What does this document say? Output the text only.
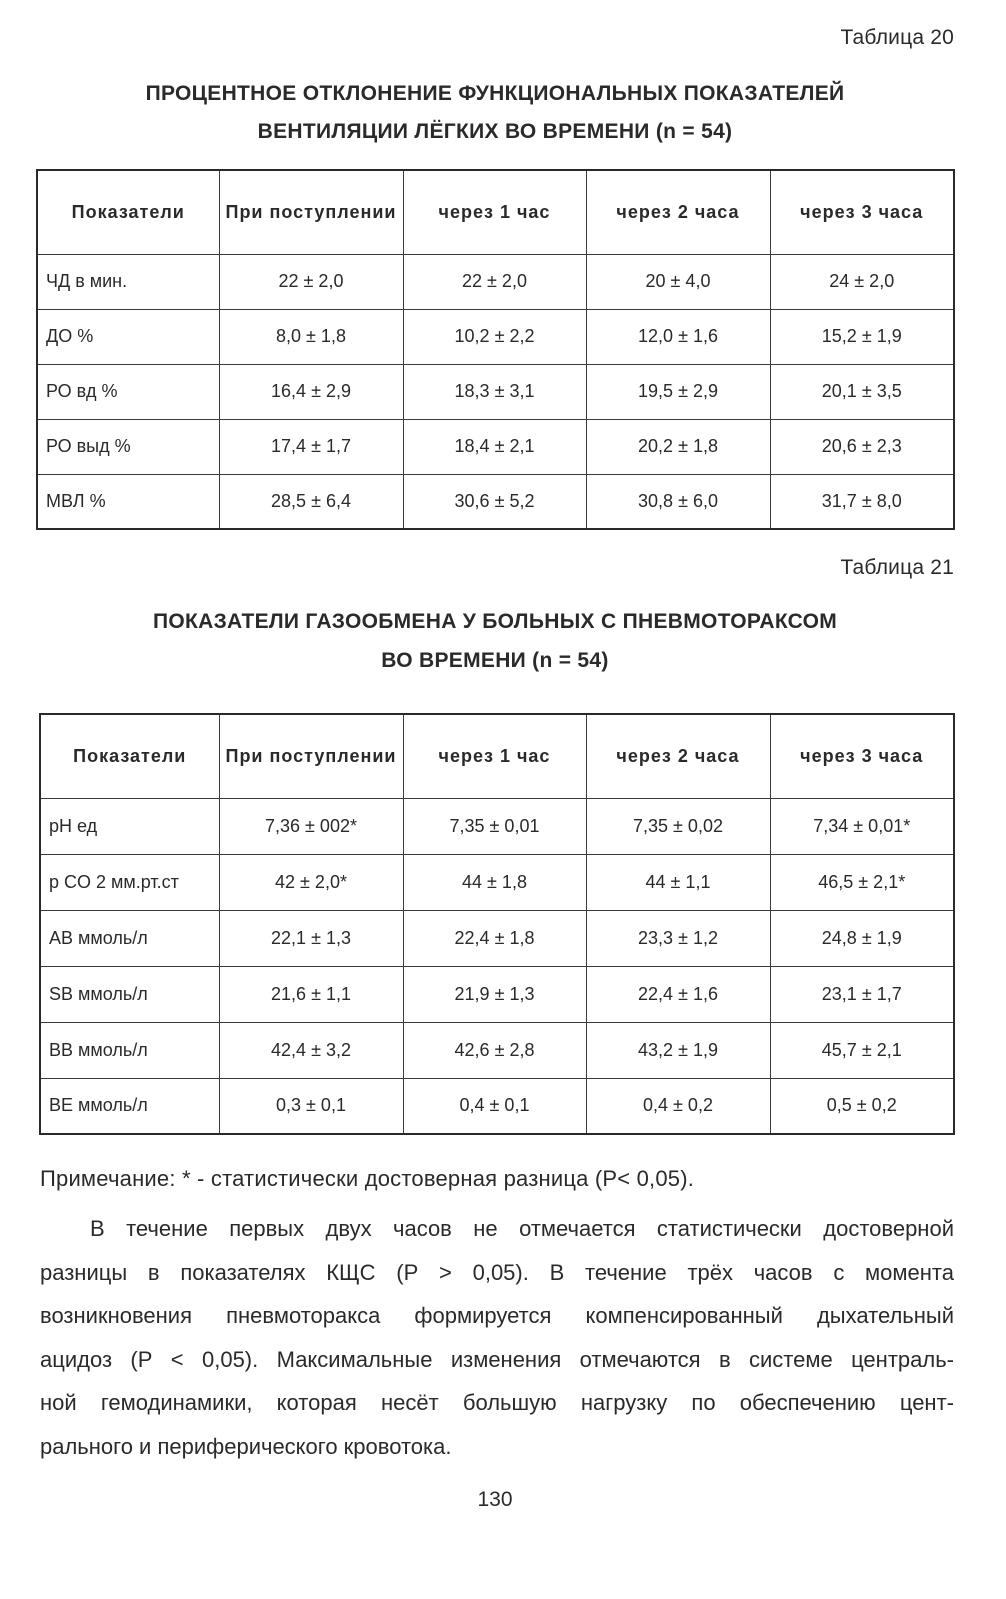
Таблица 20
ПРОЦЕНТНОЕ ОТКЛОНЕНИЕ ФУНКЦИОНАЛЬНЫХ ПОКАЗАТЕЛЕЙ
ВЕНТИЛЯЦИИ ЛЁГКИХ ВО ВРЕМЕНИ (n = 54)
Показатели	При поступлении	через 1 час	через 2 часа	через 3 часа
ЧД в мин.	22 ± 2,0	22 ± 2,0	20 ± 4,0	24 ± 2,0
ДО %	8,0 ± 1,8	10,2 ± 2,2	12,0 ± 1,6	15,2 ± 1,9
РО вд %	16,4 ± 2,9	18,3 ± 3,1	19,5 ± 2,9	20,1 ± 3,5
РО выд %	17,4 ± 1,7	18,4 ± 2,1	20,2 ± 1,8	20,6 ± 2,3
МВЛ %	28,5 ± 6,4	30,6 ± 5,2	30,8 ± 6,0	31,7 ± 8,0
Таблица 21
ПОКАЗАТЕЛИ ГАЗООБМЕНА У БОЛЬНЫХ С ПНЕВМОТОРАКСОМ
ВО ВРЕМЕНИ (n = 54)
Показатели	При поступлении	через 1 час	через 2 часа	через 3 часа
pH ед	7,36 ± 002*	7,35 ± 0,01	7,35 ± 0,02	7,34 ± 0,01*
p CO 2 мм.рт.ст	42 ± 2,0*	44 ± 1,8	44 ± 1,1	46,5 ± 2,1*
AB ммоль/л	22,1 ± 1,3	22,4 ± 1,8	23,3 ± 1,2	24,8 ± 1,9
SB ммоль/л	21,6 ± 1,1	21,9 ± 1,3	22,4 ± 1,6	23,1 ± 1,7
BB ммоль/л	42,4 ± 3,2	42,6 ± 2,8	43,2 ± 1,9	45,7 ± 2,1
BE ммоль/л	0,3 ± 0,1	0,4 ± 0,1	0,4 ± 0,2	0,5 ± 0,2
Примечание: * - статистически достоверная разница (Р< 0,05).

В течение первых двух часов не отмечается статистически достоверной
разницы в показателях КЩС (Р > 0,05). В течение трёх часов с момента
возникновения пневмоторакса формируется компенсированный дыхательный
ацидоз (Р < 0,05). Максимальные изменения отмечаются в системе централь-
ной гемодинамики, которая несёт большую нагрузку по обеспечению цент-
рального и периферического кровотока.

130
